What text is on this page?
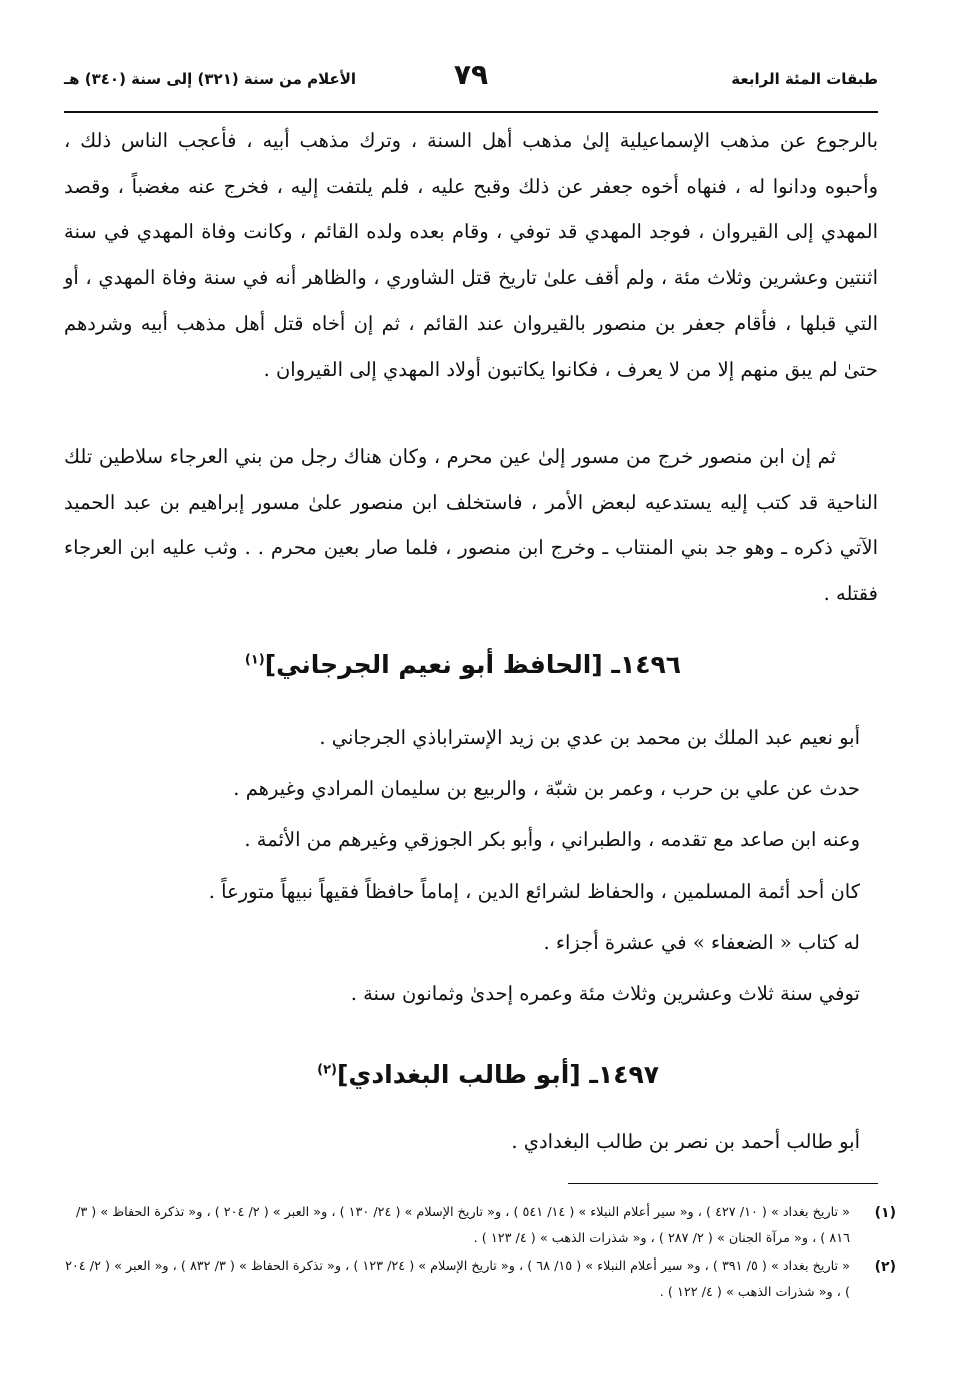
طبقات المئة الرابعة
٧٩
الأعلام من سنة (٣٢١) إلى سنة (٣٤٠) هـ
بالرجوع عن مذهب الإسماعيلية إلىٰ مذهب أهل السنة ، وترك مذهب أبيه ، فأعجب الناس ذلك ، وأحبوه ودانوا له ، فنهاه أخوه جعفر عن ذلك وقبح عليه ، فلم يلتفت إليه ، فخرج عنه مغضباً ، وقصد المهدي إلى القيروان ، فوجد المهدي قد توفي ، وقام بعده ولده القائم ، وكانت وفاة المهدي في سنة اثنتين وعشرين وثلاث مئة ، ولم أقف علىٰ تاريخ قتل الشاوري ، والظاهر أنه في سنة وفاة المهدي ، أو التي قبلها ، فأقام جعفر بن منصور بالقيروان عند القائم ، ثم إن أخاه قتل أهل مذهب أبيه وشردهم حتىٰ لم يبق منهم إلا من لا يعرف ، فكانوا يكاتبون أولاد المهدي إلى القيروان .
ثم إن ابن منصور خرج من مسور إلىٰ عين محرم ، وكان هناك رجل من بني العرجاء سلاطين تلك الناحية قد كتب إليه يستدعيه لبعض الأمر ، فاستخلف ابن منصور علىٰ مسور إبراهيم بن عبد الحميد الآتي ذكره ـ وهو جد بني المنتاب ـ وخرج ابن منصور ، فلما صار بعين محرم . . وثب عليه ابن العرجاء فقتله .
١٤٩٦ـ [الحافظ أبو نعيم الجرجاني]$^{(١)}$
أبو نعيم عبد الملك بن محمد بن عدي بن زيد الإستراباذي الجرجاني .
حدث عن علي بن حرب ، وعمر بن شبّة ، والربيع بن سليمان المرادي وغيرهم .
وعنه ابن صاعد مع تقدمه ، والطبراني ، وأبو بكر الجوزقي وغيرهم من الأئمة .
كان أحد أئمة المسلمين ، والحفاظ لشرائع الدين ، إماماً حافظاً فقيهاً نبيهاً متورعاً .
له كتاب « الضعفاء » في عشرة أجزاء .
توفي سنة ثلاث وعشرين وثلاث مئة وعمره إحدىٰ وثمانون سنة .
١٤٩٧ـ [أبو طالب البغدادي]$^{(٢)}$
أبو طالب أحمد بن نصر بن طالب البغدادي .
(١)
« تاريخ بغداد » ( ١٠/ ٤٢٧ ) ، و« سير أعلام النبلاء » ( ١٤/ ٥٤١ ) ، و« تاريخ الإسلام » ( ٢٤/ ١٣٠ ) ، و« العبر » ( ٢/ ٢٠٤ ) ، و« تذكرة الحفاظ » ( ٣/ ٨١٦ ) ، و« مرآة الجنان » ( ٢/ ٢٨٧ ) ، و« شذرات الذهب » ( ٤/ ١٢٣ ) .
(٢)
« تاريخ بغداد » ( ٥/ ٣٩١ ) ، و« سير أعلام النبلاء » ( ١٥/ ٦٨ ) ، و« تاريخ الإسلام » ( ٢٤/ ١٢٣ ) ، و« تذكرة الحفاظ » ( ٣/ ٨٣٢ ) ، و« العبر » ( ٢/ ٢٠٤ ) ، و« شذرات الذهب » ( ٤/ ١٢٢ ) .
